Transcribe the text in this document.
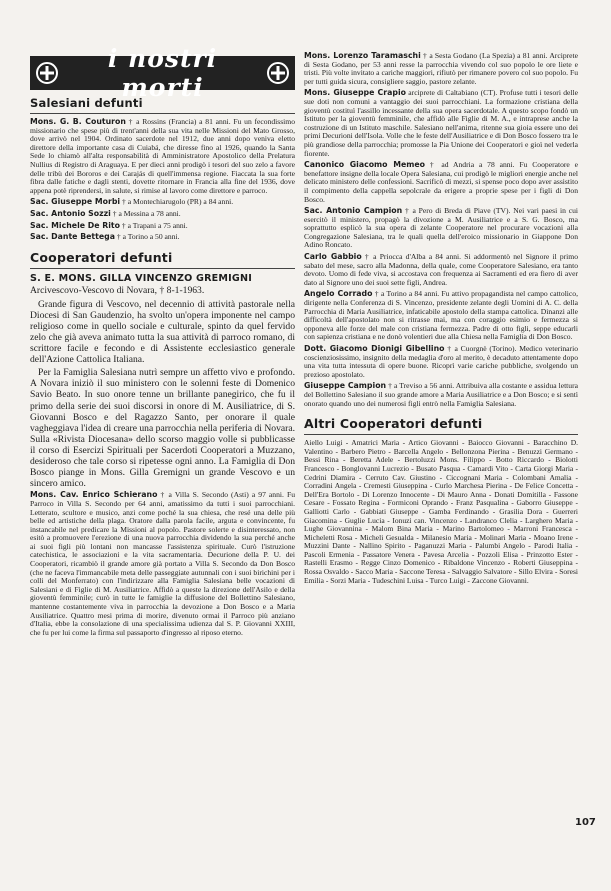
i nostri morti
Salesiani defunti

Mons. G. B. Couturon † a Rossins (Francia) a 81 anni. Fu un fecondissimo missionario che spese più di trent'anni della sua vita nelle Missioni del Mato Grosso, dove arrivò nel 1904. Ordinato sacerdote nel 1912, due anni dopo veniva eletto direttore della importante casa di Cuiabá, che diresse fino al 1926, quando la Santa Sede lo chiamò all'alta responsabilità di Amministratore Apostolico della Prelatura Nullius di Registro di Araguaya. E per dieci anni prodigò i tesori del suo zelo a favore delle tribù dei Bororos e dei Carajás di quell'immensa regione. Fiaccata la sua forte fibra dalle fatiche e dagli stenti, dovette ritornare in Francia alla fine del 1936, dove appena potè riprendersi, in salute, si rimise al lavoro come direttore e parroco.

Sac. Giuseppe Morbi † a Montechiarugolo (PR) a 84 anni.

Sac. Antonio Sozzi † a Messina a 78 anni.

Sac. Michele De Rito † a Trapani a 75 anni.

Sac. Dante Bettega † a Torino a 50 anni.

Cooperatori defunti
S. E. MONS. GILLA VINCENZO GREMIGNI
Arcivescovo-Vescovo di Novara, † 8-1-1963.

Grande figura di Vescovo, nel decennio di attività pastorale nella Diocesi di San Gaudenzio, ha svolto un'opera imponente nel campo religioso come in quello sociale e culturale, spinto da quel fervido zelo che già aveva animato tutta la sua attività di parroco romano, di scrittore facile e fecondo e di Assistente ecclesiastico generale dell'Azione Cattolica Italiana.

Per la Famiglia Salesiana nutrì sempre un affetto vivo e profondo. A Novara iniziò il suo ministero con le solenni feste di Domenico Savio Beato. In suo onore tenne un brillante panegirico, che fu il primo della serie dei suoi discorsi in onore di M. Ausiliatrice, di S. Giovanni Bosco e del Ragazzo Santo, per onorare il quale vagheggiava l'idea di creare una parrocchia nella periferia di Novara. Sulla «Rivista Diocesana» dello scorso maggio volle si pubblicasse il corso di Esercizi Spirituali per Sacerdoti Cooperatori a Muzzano, desideroso che tale corso si ripetesse ogni anno. La Famiglia di Don Bosco piange in Mons. Gilla Gremigni un grande Vescovo e un sincero amico.

Mons. Cav. Enrico Schierano † a Villa S. Secondo (Asti) a 97 anni. Fu Parroco in Villa S. Secondo per 64 anni, amatissimo da tutti i suoi parrocchiani. Letterato, scultore e musico, anzi come poché la sua chiesa, che resé una delle più belle ed artistiche della plaga. Oratore dalla parola facile, arguta e convincente, fu instancabile nel predicare la Missioni al popolo. Pastore solerte e disinteressato, non esitò a promuovere l'erezione di una nuova parrocchia dividendo la sua perché anche ai suoi figli più lontani non mancasse l'assistenza spirituale. Curò l'istruzione catechistica, le associazioni e la vita sacramentaria. Decurione della P. U. dei Cooperatori, ricambiò il grande amore già portato a Villa S. Secondo da Don Bosco (che ne faceva l'immancabile meta delle passeggiate autunnali con i suoi birichini per i colli del Monferrato) con l'indirizzare alla Famiglia Salesiana belle vocazioni di Salesiani e di Figlie di M. Ausiliatrice. Affidò a queste la direzione dell'Asilo e della gioventù femminile; curò in tutte le famiglie la diffusione del Bollettino Salesiano, mantenne costantemente viva in parrocchia la devozione a Don Bosco e a Maria Ausiliatrice. Quattro mesi prima di morire, divenuto ormai il Parroco più anziano d'Italia, ebbe la consolazione di una specialissima udienza dal S. P. Giovanni XXIII, che fu per lui come la firma sul passaporto d'ingresso al riposo eterno.

Mons. Lorenzo Taramaschi † a Sesta Godano (La Spezia) a 81 anni. Arciprete di Sesta Godano, per 53 anni resse la parrocchia vivendo col suo popolo le ore liete e tristi. Più volte invitato a cariche maggiori, rifiutò per rimanere povero col suo popolo. Fu per tutti guida sicura, consigliere saggio, pastore zelante.

Mons. Giuseppe Crapio arciprete di Caltabiano (CT). Profuse tutti i tesori delle sue doti non comuni a vantaggio dei suoi parrocchiani. La formazione cristiana della gioventù costituì l'assillo incessante della sua opera sacerdotale. A questo scopo fondò un Istituto per la gioventù femminile, che affidò alle Figlie di M. A., e intraprese anche la costruzione di un Istituto maschile. Salesiano nell'anima, ritenne sua gioia essere uno dei primi Decurioni dell'Isola. Volle che le feste dell'Ausiliatrice e di Don Bosco fossero tra le più grandiose della parrocchia; promosse la Pia Unione dei Cooperatori e gioì nel vederla fiorente.

Canonico Giacomo Memeo † ad Andria a 78 anni. Fu Cooperatore e benefattore insigne della locale Opera Salesiana, cui prodigò le migliori energie anche nel delicato ministero delle confessioni. Sacrificò di mezzi, si spense poco dopo aver assistito il compimento della cappella sepolcrale da erigere a proprie spese per i figli di Don Bosco.

Sac. Antonio Campion † a Pero di Breda di Piave (TV). Nei vari paesi in cui esercitò il ministero, propagò la divozione a M. Ausiliatrice e a S. G. Bosco, ma soprattutto esplicò la sua opera di zelante Cooperatore nel procurare vocazioni alla Congregazione Salesiana, tra le quali quella dell'eroico missionario in Giappone Don Adino Roncato.

Carlo Gabbio † a Priocca d'Alba a 84 anni. Si addormentò nel Signore il primo sabato del mese, sacro alla Madonna, della quale, come Cooperatore Salesiano, era tanto devoto. Uomo di fede viva, si accostava con frequenza ai Sacramenti ed era fiero di aver dato al Signore uno dei suoi sette figli, Andrea.

Angelo Corrado † a Torino a 84 anni. Fu attivo propagandista nel campo cattolico, dirigente nella Conferenza di S. Vincenzo, presidente zelante degli Uomini di A. C. della Parrocchia di Maria Ausiliatrice, infaticabile apostolo della stampa cattolica. Dinanzi alle difficoltà dell'apostolato non si ritrasse mai, ma con coraggio esimio e fermezza si opponeva alle forze del male con cristiana fermezza. Padre di otto figli, seppe educarli con sapienza cristiana e ne donò volentieri due alla Chiesa nella Famiglia di Don Bosco.

Dott. Giacomo Dionigi Gibellino † a Cuorgnè (Torino). Medico veterinario coscienziosissimo, insignito della medaglia d'oro al merito, è decaduto attentamente dopo una vita tutta intessuta di opere buone. Ricoprì varie cariche pubbliche, svolgendo un prezioso apostolato.

Giuseppe Campion † a Treviso a 56 anni. Attribuiva alla costante e assidua lettura del Bollettino Salesiano il suo grande amore a Maria Ausiliatrice e a Don Bosco; e si sentì onorato quando uno dei numerosi figli entrò nella Famiglia Salesiana.

Altri Cooperatori defunti

Aiello Luigi - Amatrici Maria - Artico Giovanni - Baiocco Giovanni - Baracchino D. Valentino - Barbero Pietro - Barcella Angelo - Bellonzona Pierina - Benuzzi Germano - Bessi Rina - Beretta Adele - Bertoluzzi Mons. Filippo - Botto Riccardo - Biolotti Francesco - Bonglovanni Lucrezio - Busato Pasqua - Camardi Vito - Carta Giorgi Maria - Cedrini Diamira - Cerruto Cav. Giustino - Ciccognani Maria - Colombani Amalia - Corradini Angela - Cremesti Giuseppina - Curlo Marchesa Pierina - De Felice Concetta - Dell'Era Bortolo - Di Lorenzo Innocente - Di Mauro Anna - Donati Domitilla - Fassone Cesare - Fossato Regina - Formiconi Oprando - Franz Pasqualina - Gaborro Giuseppe - Galliotti Carlo - Gabbiati Giuseppe - Gamba Ferdinando - Grasilia Dora - Guerreri Giacomina - Guglie Lucia - Ionuzi can. Vincenzo - Landranco Clelia - Larghero Maria - Lughe Giovannina - Malom Bina Maria - Marino Bartolomeo - Marroni Francesca - Micheletti Rosa - Micheli Gesualda - Milanesio Maria - Molinari Maria - Moano Irene - Muzzini Dante - Nallino Spirito - Paganuzzi Maria - Palumbi Angelo - Parodi Italia - Pascoli Ermenia - Passatore Venera - Pavesa Arcelia - Pozzoli Elisa - Prinzotto Ester - Rastelli Erasmo - Regge Cinzo Domenico - Ribaldone Vincenzo - Roberti Giuseppina - Rossa Osvaldo - Sacco Maria - Saccone Teresa - Salvaggio Salvatore - Sillo Elvira - Soresi Emilia - Sorzi Maria - Tudeschini Luisa - Turco Luigi - Zaccone Giovanni.

107
